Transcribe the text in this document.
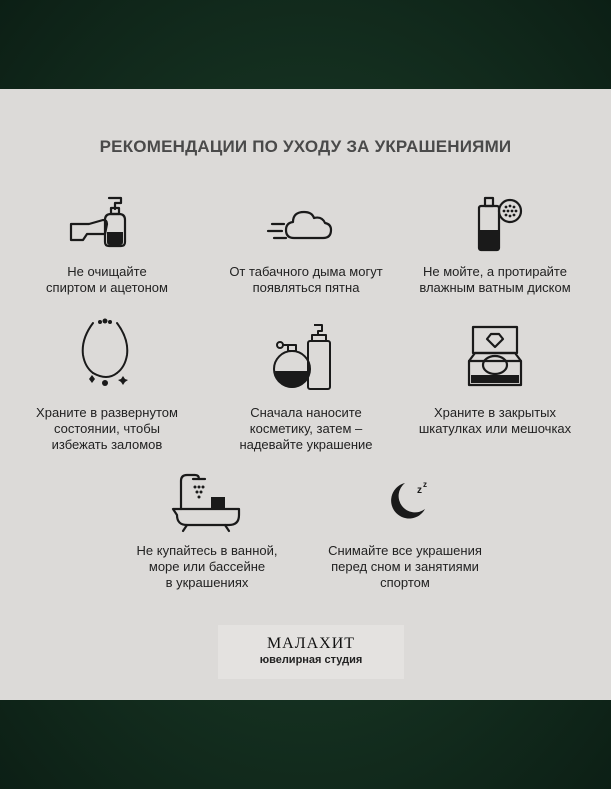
РЕКОМЕНДАЦИИ ПО УХОДУ ЗА УКРАШЕНИЯМИ
Не очищайте
спиртом и ацетоном
От табачного дыма могут
появляться пятна
Не мойте, а протирайте
влажным ватным диском
Храните в развернутом
состоянии, чтобы
избежать заломов
Сначала наносите
косметику, затем –
надевайте украшение
Храните в закрытых
шкатулках или мешочках
Не купайтесь в ванной,
море или бассейне
в украшениях
z
z
Снимайте все украшения
перед сном и занятиями
спортом
МАЛАХИТ
ювелирная студия
